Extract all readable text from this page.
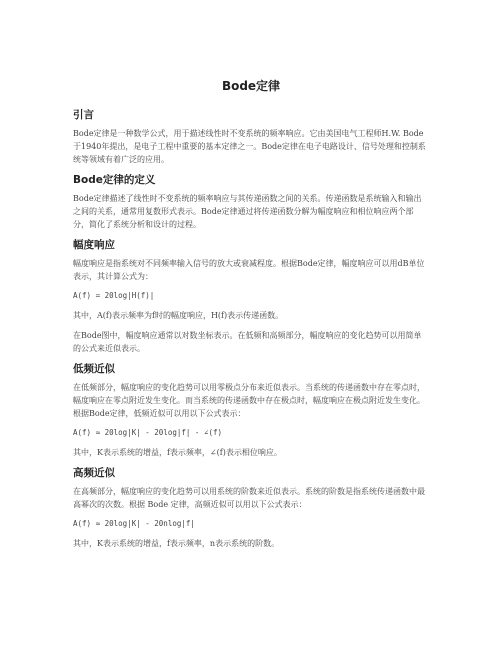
Bode定律
引言
Bode定律是一种数学公式，用于描述线性时不变系统的频率响应。它由美国电气工程师H.W. Bode于1940年提出，是电子工程中重要的基本定律之一。Bode定律在电子电路设计、信号处理和控制系统等领域有着广泛的应用。
Bode定律的定义
Bode定律描述了线性时不变系统的频率响应与其传递函数之间的关系。传递函数是系统输入和输出之间的关系，通常用复数形式表示。Bode定律通过将传递函数分解为幅度响应和相位响应两个部分，简化了系统分析和设计的过程。
幅度响应
幅度响应是指系统对不同频率输入信号的放大或衰减程度。根据Bode定律，幅度响应可以用dB单位表示，其计算公式为：
A(f) = 20log|H(f)|
其中，A(f)表示频率为f时的幅度响应，H(f)表示传递函数。
在Bode图中，幅度响应通常以对数坐标表示。在低频和高频部分，幅度响应的变化趋势可以用简单的公式来近似表示。
低频近似
在低频部分，幅度响应的变化趋势可以用零极点分布来近似表示。当系统的传递函数中存在零点时，幅度响应在零点附近发生变化。而当系统的传递函数中存在极点时，幅度响应在极点附近发生变化。根据Bode定律，低频近似可以用以下公式表示：
A(f) ≈ 20log|K| - 20log|f| - ∠(f)
其中，K表示系统的增益，f表示频率，∠(f)表示相位响应。
高频近似
在高频部分，幅度响应的变化趋势可以用系统的阶数来近似表示。系统的阶数是指系统传递函数中最高幂次的次数。根据 Bode 定律，高频近似可以用以下公式表示：
A(f) ≈ 20log|K| - 20nlog|f|
其中，K表示系统的增益，f表示频率，n表示系统的阶数。
